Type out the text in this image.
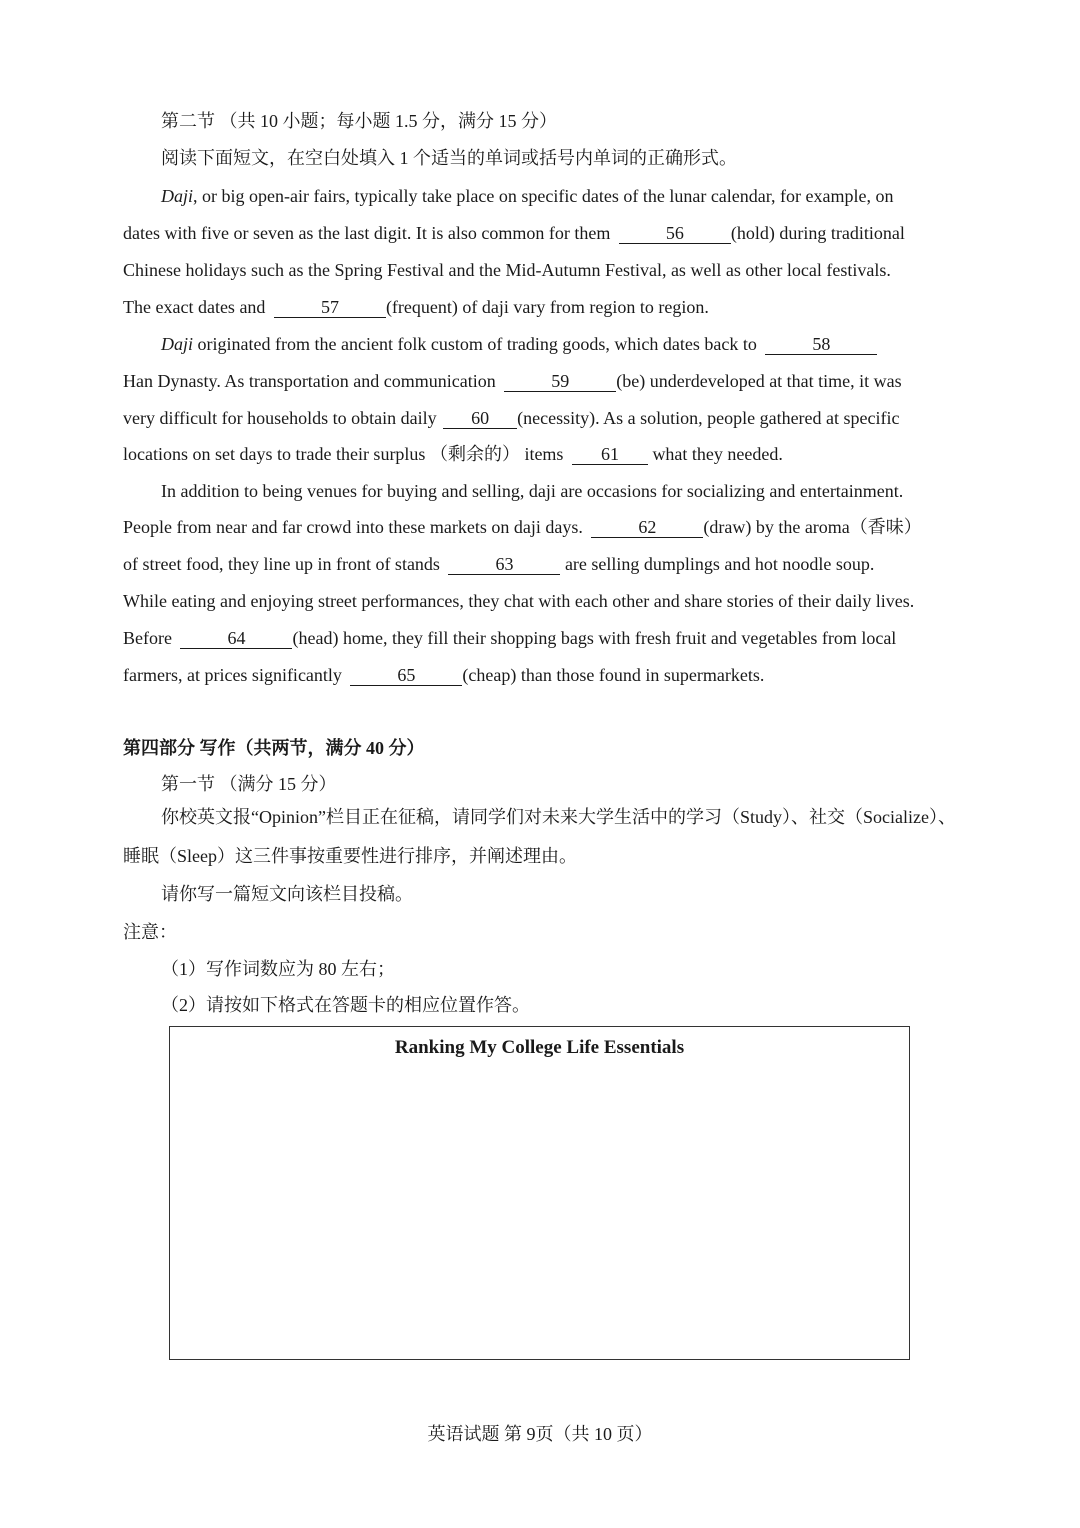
第二节 （共 10 小题；每小题 1.5 分，满分 15 分）
阅读下面短文，在空白处填入 1 个适当的单词或括号内单词的正确形式。
Daji, or big open-air fairs, typically take place on specific dates of the lunar calendar, for example, on
dates with five or seven as the last digit. It is also common for them	56	(hold) during traditional
Chinese holidays such as the Spring Festival and the Mid-Autumn Festival, as well as other local festivals.
The exact dates and	57	(frequent) of daji vary from region to region.
Daji originated from the ancient folk custom of trading goods, which dates back to	58
Han Dynasty. As transportation and communication	59	(be) underdeveloped at that time, it was
very difficult for households to obtain daily 60 (necessity). As a solution, people gathered at specific
locations on set days to trade their surplus （剩余的） items 61 what they needed.
In addition to being venues for buying and selling, daji are occasions for socializing and entertainment.
People from near and far crowd into these markets on daji days.	62	(draw) by the aroma（香味）
of street food, they line up in front of stands	63	are selling dumplings and hot noodle soup.
While eating and enjoying street performances, they chat with each other and share stories of their daily lives.
Before	64	(head) home, they fill their shopping bags with fresh fruit and vegetables from local
farmers, at prices significantly	65	(cheap) than those found in supermarkets.
第四部分 写作（共两节，满分 40 分）
第一节 （满分 15 分）
你校英文报“Opinion”栏目正在征稿，请同学们对未来大学生活中的学习（Study）、社交（Socialize）、
睡眠（Sleep）这三件事按重要性进行排序，并阐述理由。
请你写一篇短文向该栏目投稿。
注意：
（1）写作词数应为 80 左右；
（2）请按如下格式在答题卡的相应位置作答。
Ranking My College Life Essentials
英语试题 第 9页（共 10 页）
